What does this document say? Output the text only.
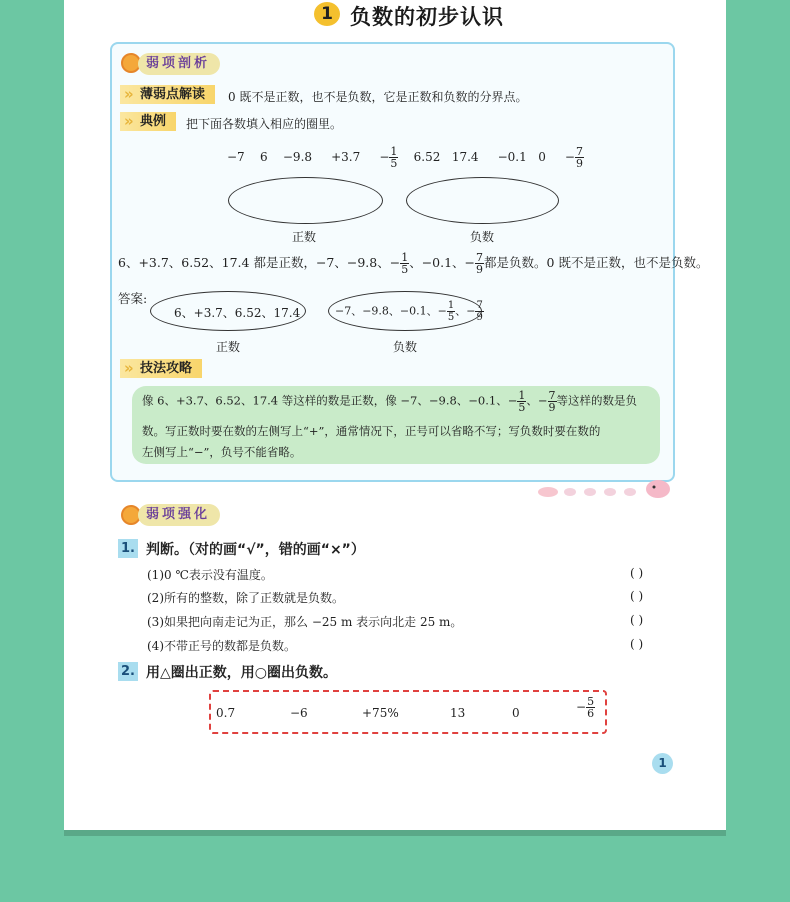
1 负数的初步认识
弱项剖析
» 薄弱点解读	0 既不是正数，也不是负数，它是正数和负数的分界点。
» 典例	把下面各数填入相应的圈里。
−7 $6 -9.8 +3.7 - \frac{1}{5} 6.52$ 17.4 −0.1 $0 - \frac{7}{9}$
正数	负数
6、+3.7、6.52、17.4 都是正数，−7、−9.8、− $\frac{1}{5}$ 、−0.1、− $\frac{7}{9}$ 都是负数。0 既不是正数，也不是负数。
答案:
6、+3.7、6.52、17.4	−7、−9.8、−0.1、− $\frac{1}{5}$ 、− $\frac{7}{9}$
正数	负数
» 技法攻略
像 6、+3.7、6.52、17.4 等这样的数是正数，像 −7、−9.8、−0.1、− $\frac{1}{5}$ 、− $\frac{7}{9}$ 等这样的数是负
数。写正数时要在数的左侧写上“+”，通常情况下，正号可以省略不写；写负数时要在数的
左侧写上“−”，负号不能省略。
弱项强化
1. 判断。（对的画“√”，错的画“×”）
(1)0 ℃表示没有温度。	( )
(2)所有的整数，除了正数就是负数。	( )
(3)如果把向南走记为正，那么 −25 m 表示向北走 25 m。	( )
(4)不带正号的数都是负数。	( )
2. 用△圈出正数，用○圈出负数。
0.7	−6	+75%	13	0	− $\frac{5}{6}$
1
